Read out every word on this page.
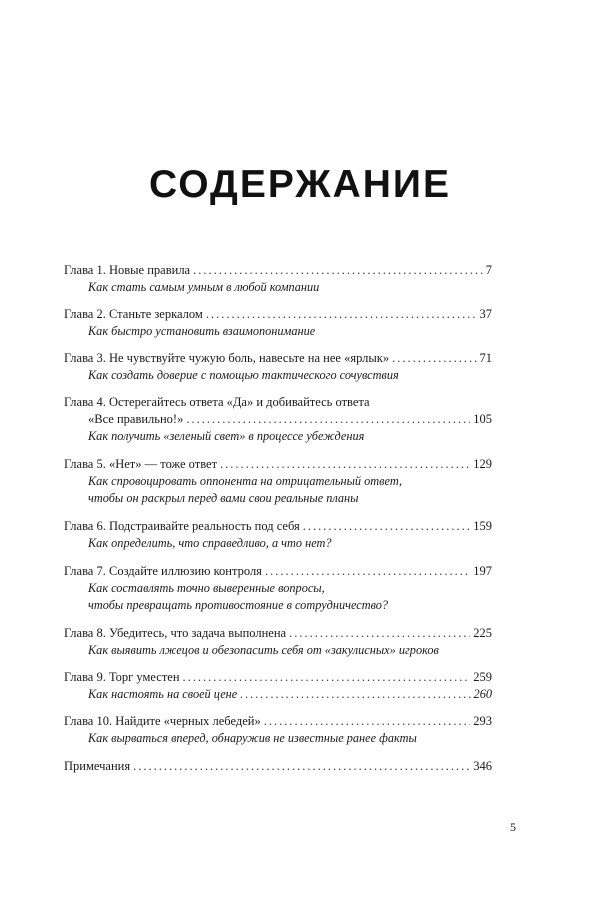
СОДЕРЖАНИЕ
Глава 1. Новые правила .....	7
Как стать самым умным в любой компании
Глава 2. Станьте зеркалом .....	37
Как быстро установить взаимопонимание
Глава 3. Не чувствуйте чужую боль, навесьте на нее «ярлык» .....	71
Как создать доверие с помощью тактического сочувствия
Глава 4. Остерегайтесь ответа «Да» и добивайтесь ответа
«Все правильно!» .....	105
Как получить «зеленый свет» в процессе убеждения
Глава 5. «Нет» — тоже ответ .....	129
Как спровоцировать оппонента на отрицательный ответ,
чтобы он раскрыл перед вами свои реальные планы
Глава 6. Подстраивайте реальность под себя .....	159
Как определить, что справедливо, а что нет?
Глава 7. Создайте иллюзию контроля .....	197
Как составлять точно выверенные вопросы,
чтобы превращать противостояние в сотрудничество?
Глава 8. Убедитесь, что задача выполнена .....	225
Как выявить лжецов и обезопасить себя от «закулисных» игроков
Глава 9. Торг уместен .....	259
Как настоять на своей цене .....	260
Глава 10. Найдите «черных лебедей» .....	293
Как вырваться вперед, обнаружив не известные ранее факты
Примечания .....	346
5
